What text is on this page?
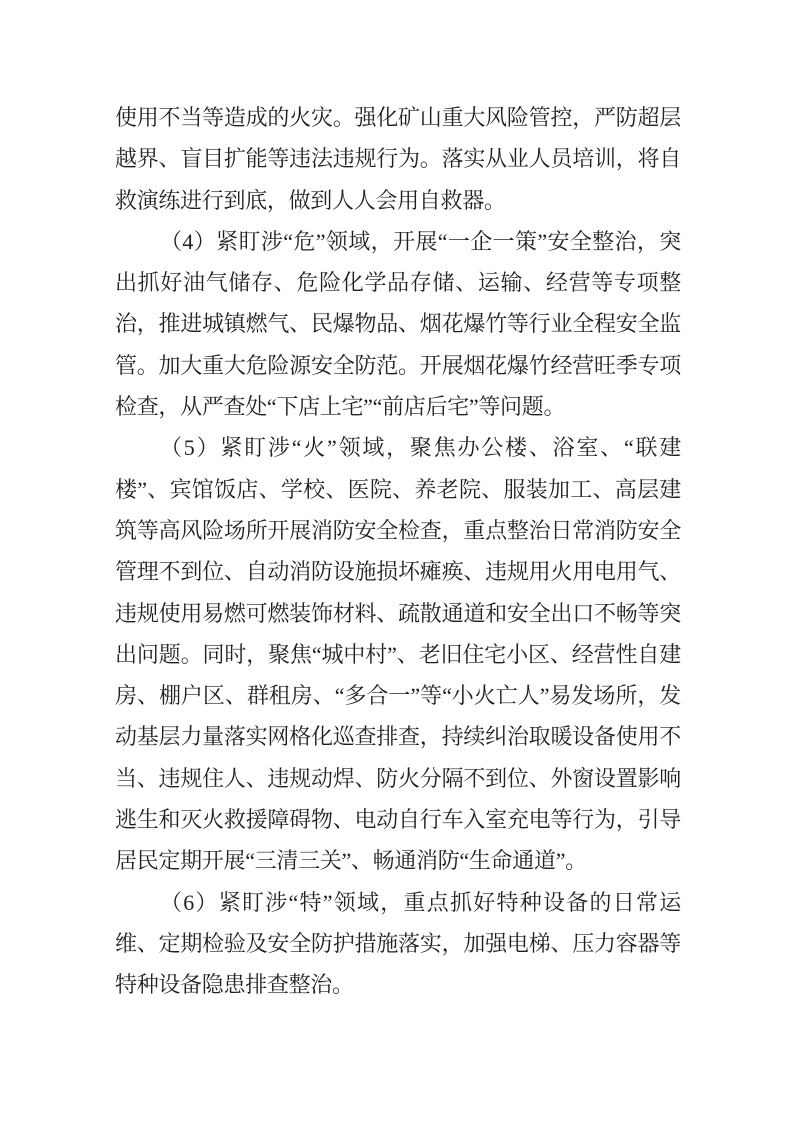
使用不当等造成的火灾。强化矿山重大风险管控，严防超层越界、盲目扩能等违法违规行为。落实从业人员培训，将自救演练进行到底，做到人人会用自救器。

（4）紧盯涉“危”领域，开展“一企一策”安全整治，突出抓好油气储存、危险化学品存储、运输、经营等专项整治，推进城镇燃气、民爆物品、烟花爆竹等行业全程安全监管。加大重大危险源安全防范。开展烟花爆竹经营旺季专项检查，从严查处“下店上宅”“前店后宅”等问题。

（5）紧盯涉“火”领域，聚焦办公楼、浴室、“联建楼”、宾馆饭店、学校、医院、养老院、服装加工、高层建筑等高风险场所开展消防安全检查，重点整治日常消防安全管理不到位、自动消防设施损坏瘫痪、违规用火用电用气、违规使用易燃可燃装饰材料、疏散通道和安全出口不畅等突出问题。同时，聚焦“城中村”、老旧住宅小区、经营性自建房、棚户区、群租房、“多合一”等“小火亡人”易发场所，发动基层力量落实网格化巡查排查，持续纠治取暖设备使用不当、违规住人、违规动焊、防火分隔不到位、外窗设置影响逃生和灭火救援障碍物、电动自行车入室充电等行为，引导居民定期开展“三清三关”、畅通消防“生命通道”。

（6）紧盯涉“特”领域，重点抓好特种设备的日常运维、定期检验及安全防护措施落实，加强电梯、压力容器等特种设备隐患排查整治。
